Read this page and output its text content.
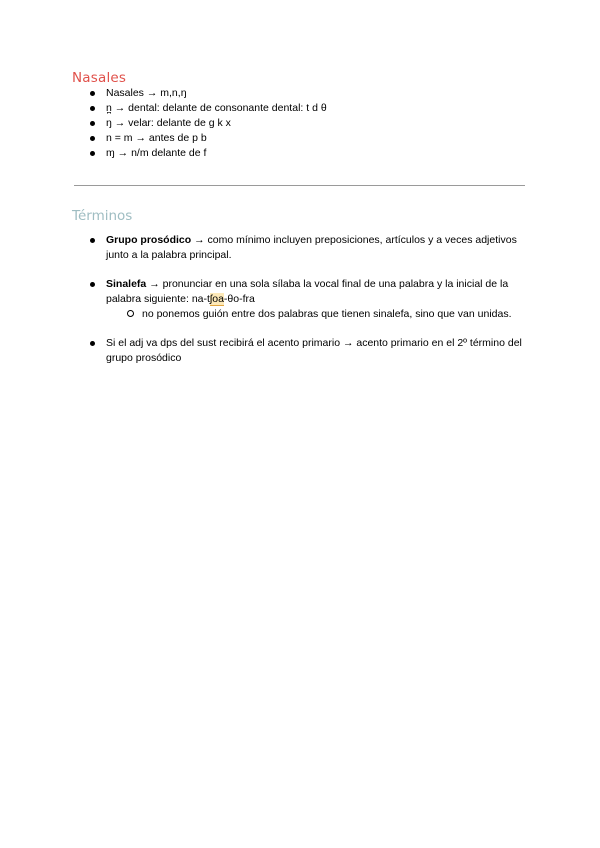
Nasales
Nasales → m,n,ŋ
n̪ → dental: delante de consonante dental: t d θ
ŋ → velar: delante de g k x
n = m → antes de p b
ɱ → n/m delante de f
Términos
Grupo prosódico → como mínimo incluyen preposiciones, artículos y a veces adjetivos junto a la palabra principal.
Sinalefa → pronunciar en una sola sílaba la vocal final de una palabra y la inicial de la palabra siguiente: na-tʃoa-θo-fra
no ponemos guión entre dos palabras que tienen sinalefa, sino que van unidas.
Si el adj va dps del sust recibirá el acento primario → acento primario en el 2º término del grupo prosódico
